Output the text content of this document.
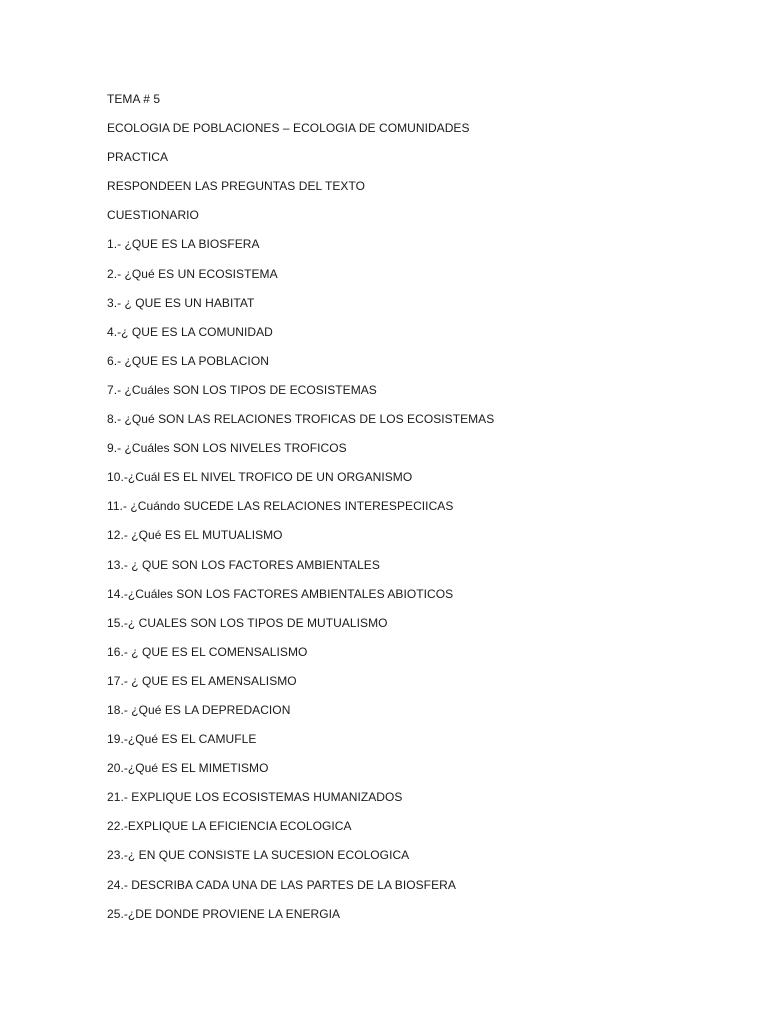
TEMA # 5
ECOLOGIA DE POBLACIONES – ECOLOGIA DE COMUNIDADES
PRACTICA
RESPONDEEN LAS PREGUNTAS DEL TEXTO
CUESTIONARIO
1.- ¿QUE ES LA BIOSFERA
2.- ¿Qué ES UN ECOSISTEMA
3.- ¿ QUE ES UN HABITAT
4.-¿ QUE ES LA COMUNIDAD
6.- ¿QUE ES LA POBLACION
7.- ¿Cuáles SON LOS TIPOS DE ECOSISTEMAS
8.- ¿Qué SON LAS RELACIONES TROFICAS DE LOS ECOSISTEMAS
9.- ¿Cuáles SON LOS NIVELES TROFICOS
10.-¿Cuál ES EL NIVEL TROFICO DE UN ORGANISMO
11.- ¿Cuándo SUCEDE LAS RELACIONES INTERESPECIICAS
12.- ¿Qué ES EL MUTUALISMO
13.- ¿ QUE SON LOS FACTORES AMBIENTALES
14.-¿Cuáles SON LOS FACTORES AMBIENTALES ABIOTICOS
15.-¿ CUALES SON LOS TIPOS DE MUTUALISMO
16.- ¿ QUE ES EL COMENSALISMO
17.- ¿ QUE ES EL AMENSALISMO
18.- ¿Qué ES LA DEPREDACION
19.-¿Qué ES EL CAMUFLE
20.-¿Qué ES EL MIMETISMO
21.- EXPLIQUE LOS ECOSISTEMAS HUMANIZADOS
22.-EXPLIQUE LA EFICIENCIA ECOLOGICA
23.-¿ EN QUE CONSISTE LA SUCESION ECOLOGICA
24.- DESCRIBA CADA UNA DE LAS PARTES DE LA BIOSFERA
25.-¿DE DONDE PROVIENE LA ENERGIA
